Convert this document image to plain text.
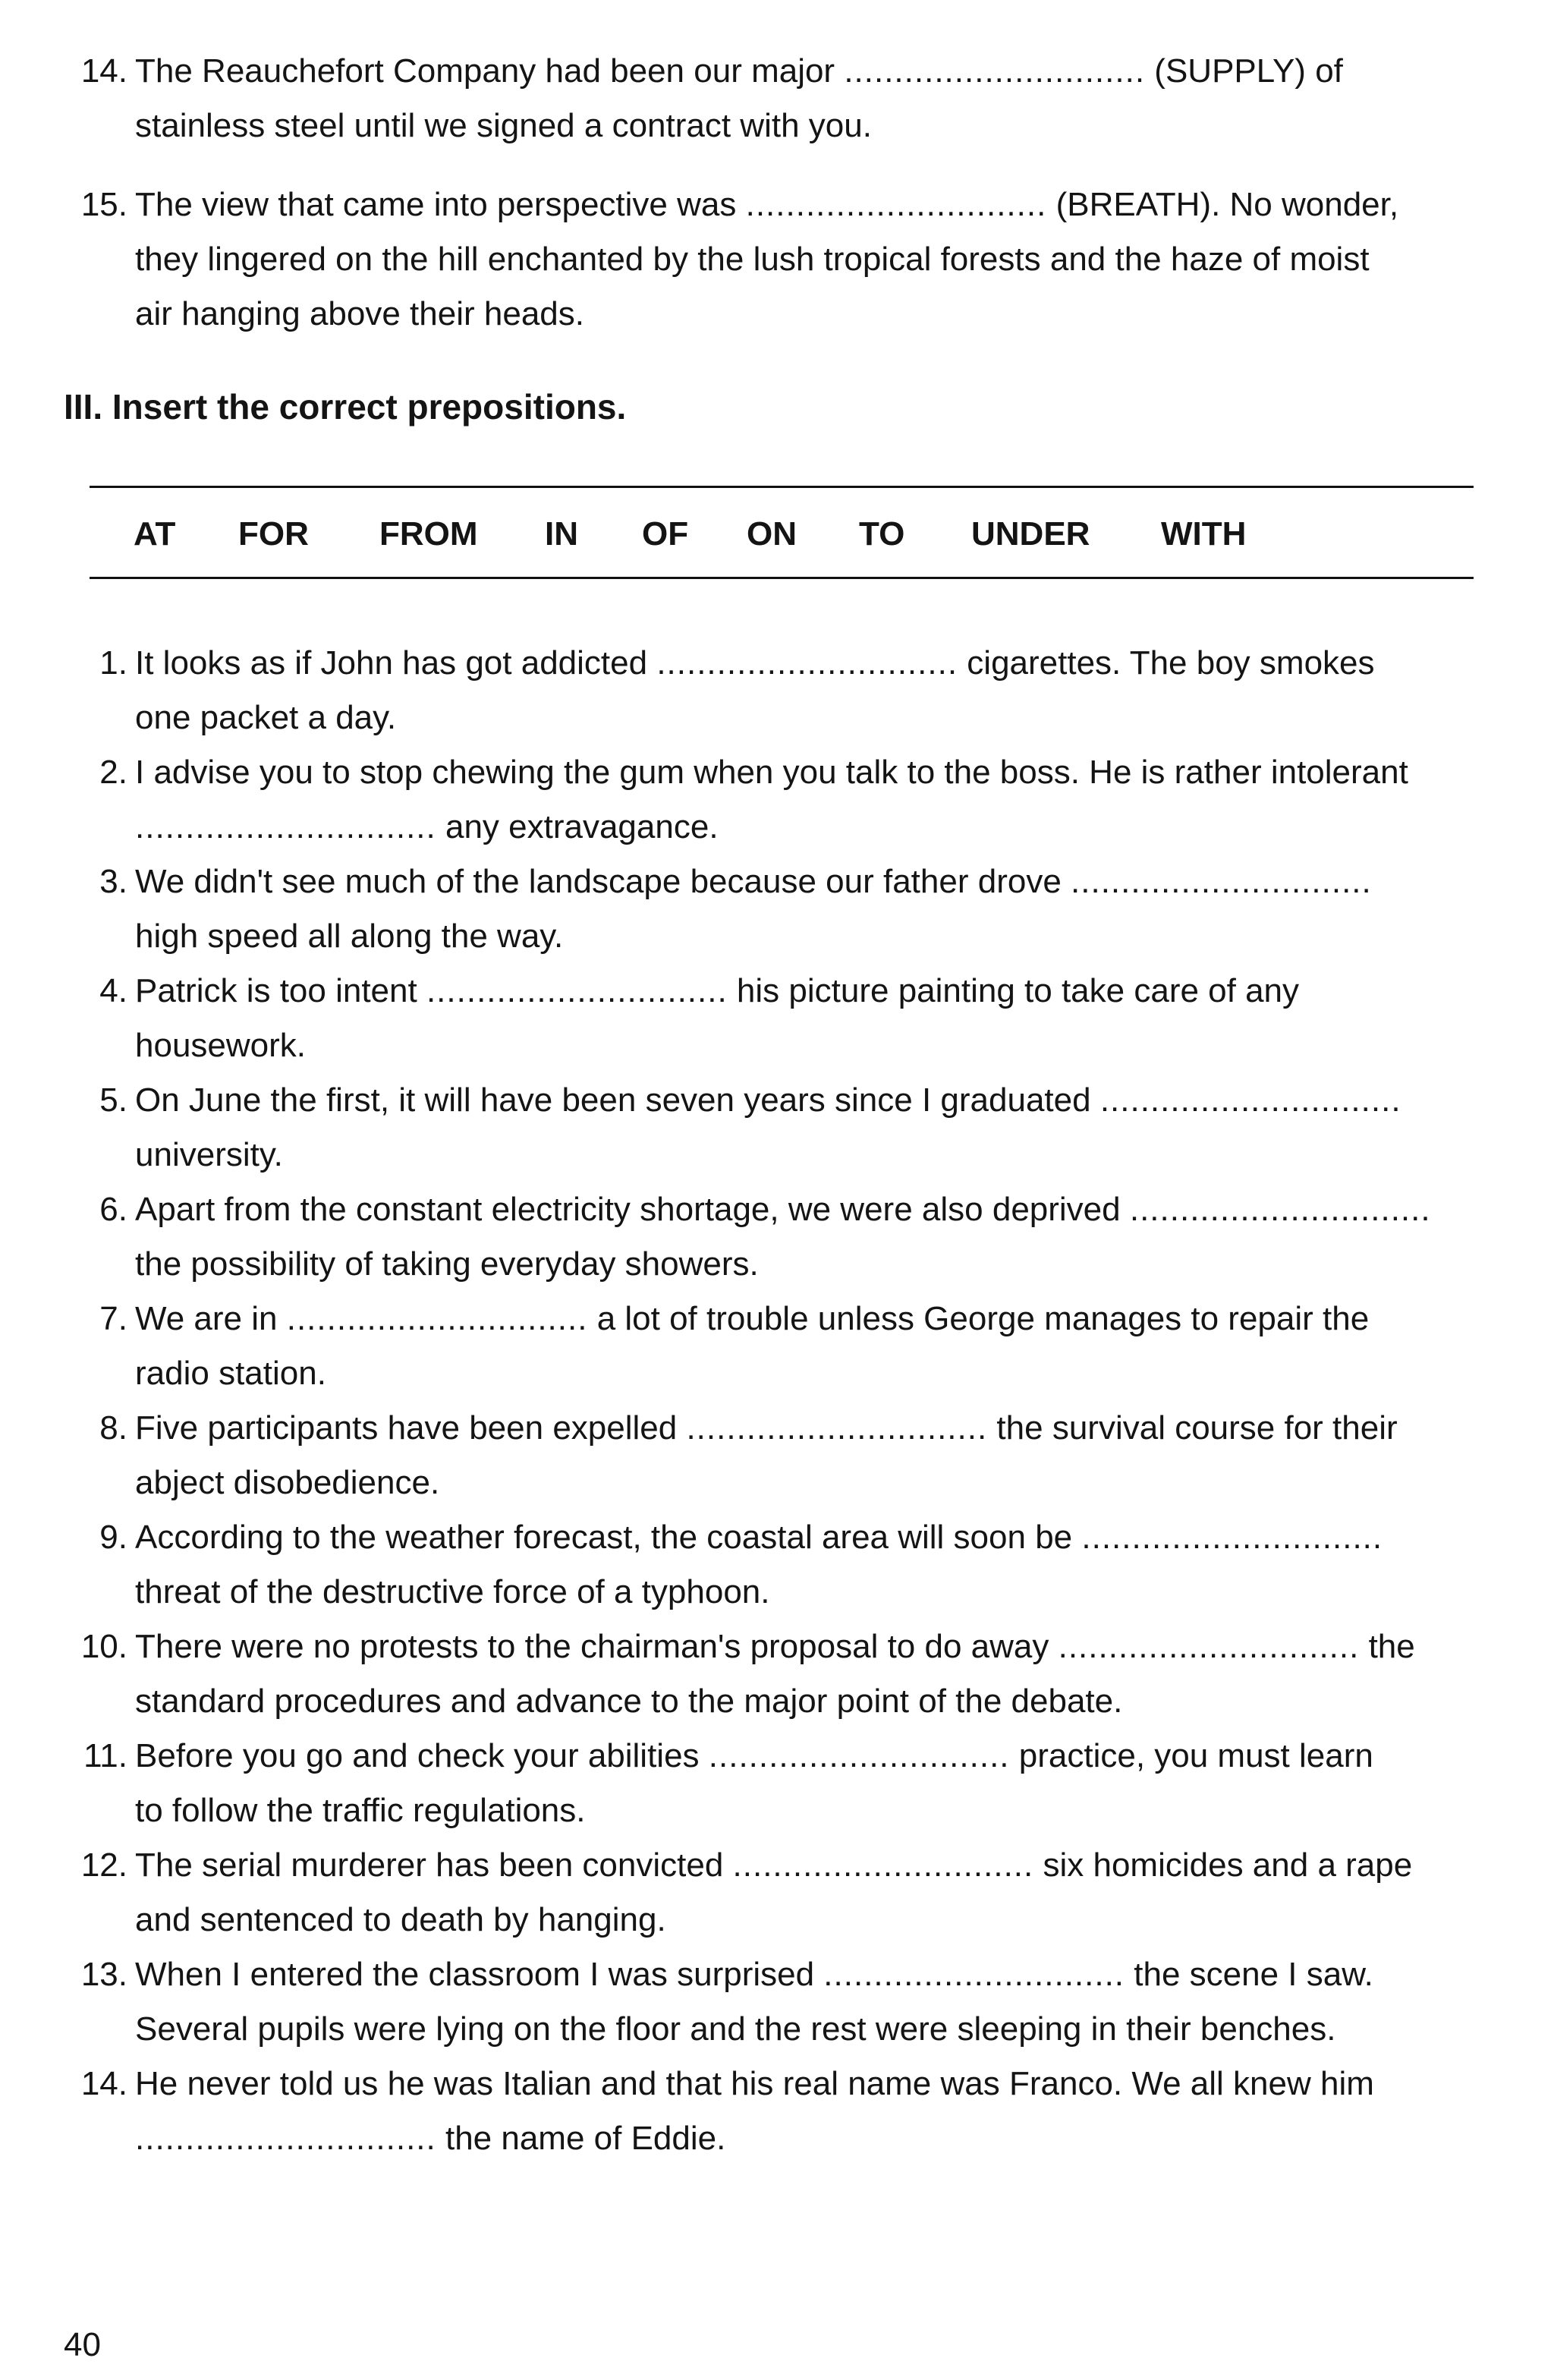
14. The Reauchefort Company had been our major .............................. (SUPPLY) of
stainless steel until we signed a contract with you.
15. The view that came into perspective was .............................. (BREATH). No wonder,
they lingered on the hill enchanted by the lush tropical forests and the haze of moist
air hanging above their heads.
III. Insert the correct prepositions.
AT FOR FROM IN OF ON TO UNDER WITH
1. It looks as if John has got addicted .............................. cigarettes. The boy smokes
one packet a day.
2. I advise you to stop chewing the gum when you talk to the boss. He is rather intolerant
.............................. any extravagance.
3. We didn't see much of the landscape because our father drove ..............................
high speed all along the way.
4. Patrick is too intent .............................. his picture painting to take care of any
housework.
5. On June the first, it will have been seven years since I graduated ..............................
university.
6. Apart from the constant electricity shortage, we were also deprived ..............................
the possibility of taking everyday showers.
7. We are in .............................. a lot of trouble unless George manages to repair the
radio station.
8. Five participants have been expelled .............................. the survival course for their
abject disobedience.
9. According to the weather forecast, the coastal area will soon be ..............................
threat of the destructive force of a typhoon.
10. There were no protests to the chairman's proposal to do away .............................. the
standard procedures and advance to the major point of the debate.
11. Before you go and check your abilities .............................. practice, you must learn
to follow the traffic regulations.
12. The serial murderer has been convicted .............................. six homicides and a rape
and sentenced to death by hanging.
13. When I entered the classroom I was surprised .............................. the scene I saw.
Several pupils were lying on the floor and the rest were sleeping in their benches.
14. He never told us he was Italian and that his real name was Franco. We all knew him
.............................. the name of Eddie.
40
